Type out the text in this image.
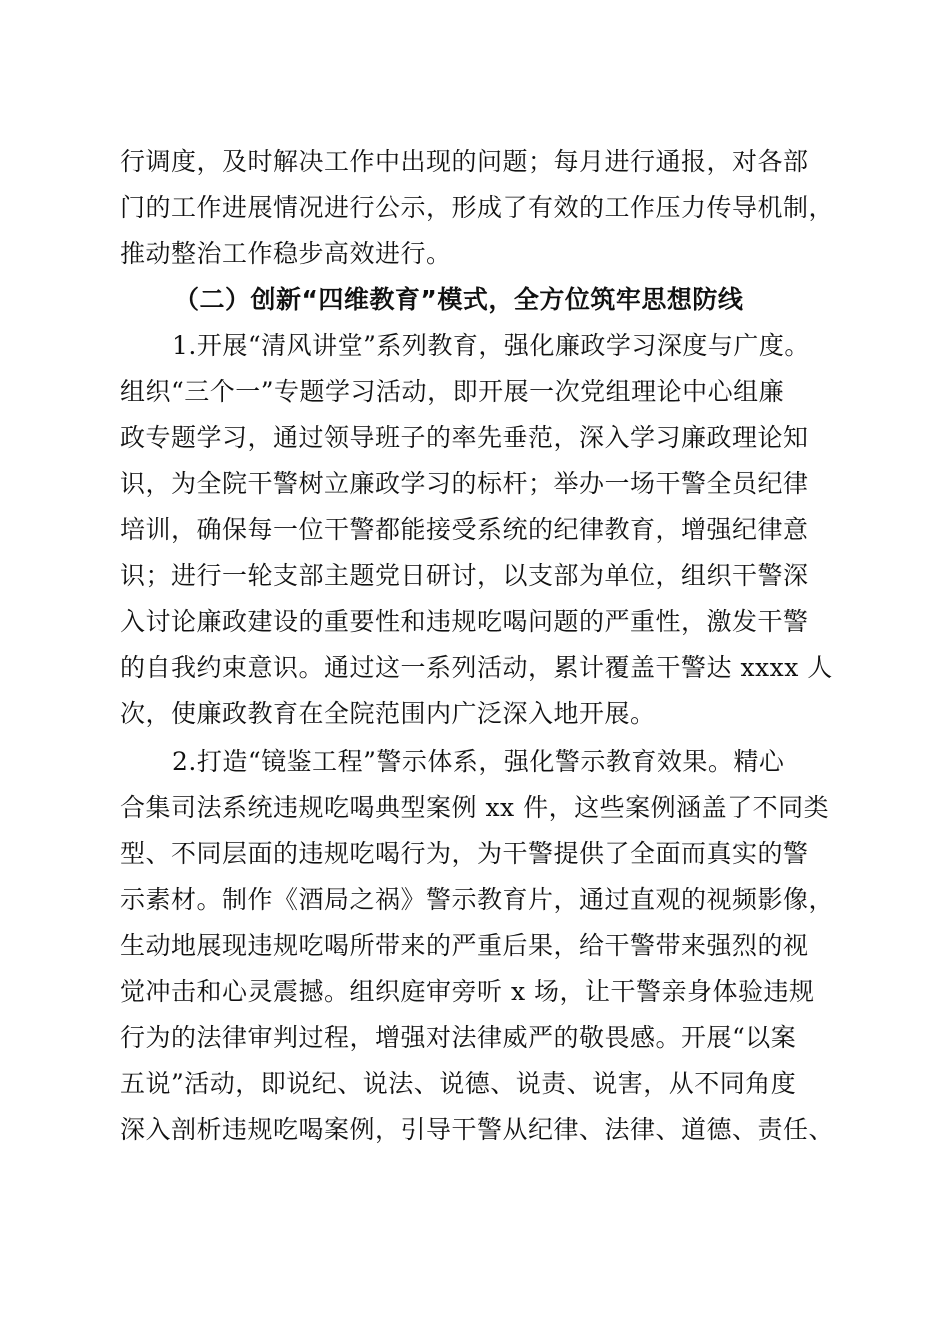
行调度，及时解决工作中出现的问题；每月进行通报，对各部
门的工作进展情况进行公示，形成了有效的工作压力传导机制，
推动整治工作稳步高效进行。
（二）创新“四维教育”模式，全方位筑牢思想防线
1.开展“清风讲堂”系列教育，强化廉政学习深度与广度。
组织“三个一”专题学习活动，即开展一次党组理论中心组廉
政专题学习，通过领导班子的率先垂范，深入学习廉政理论知
识，为全院干警树立廉政学习的标杆；举办一场干警全员纪律
培训，确保每一位干警都能接受系统的纪律教育，增强纪律意
识；进行一轮支部主题党日研讨，以支部为单位，组织干警深
入讨论廉政建设的重要性和违规吃喝问题的严重性，激发干警
的自我约束意识。通过这一系列活动，累计覆盖干警达 xxxx 人
次，使廉政教育在全院范围内广泛深入地开展。
2.打造“镜鉴工程”警示体系，强化警示教育效果。精心
合集司法系统违规吃喝典型案例 xx 件，这些案例涵盖了不同类
型、不同层面的违规吃喝行为，为干警提供了全面而真实的警
示素材。制作《酒局之祸》警示教育片，通过直观的视频影像，
生动地展现违规吃喝所带来的严重后果，给干警带来强烈的视
觉冲击和心灵震撼。组织庭审旁听 x 场，让干警亲身体验违规
行为的法律审判过程，增强对法律威严的敬畏感。开展“以案
五说”活动，即说纪、说法、说德、说责、说害，从不同角度
深入剖析违规吃喝案例，引导干警从纪律、法律、道德、责任、
